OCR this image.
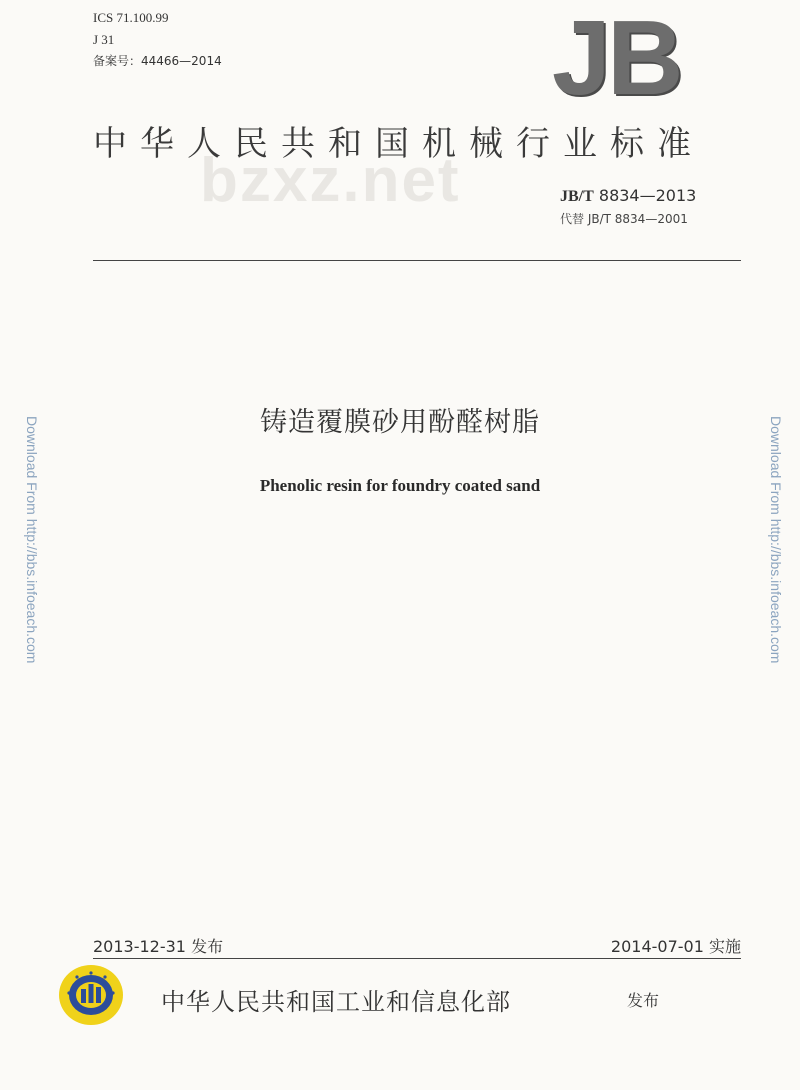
ICS 71.100.99
J 31
备案号：44466—2014	JB
bzxz.net
中华人民共和国机械行业标准
JB/T 8834—2013
代替 JB/T 8834—2001
Download From http://bbs.infoeach.com	Download From http://bbs.infoeach.com
铸造覆膜砂用酚醛树脂
Phenolic resin for foundry coated sand
2013-12-31 发布	2014-07-01 实施
中华人民共和国工业和信息化部	发布
